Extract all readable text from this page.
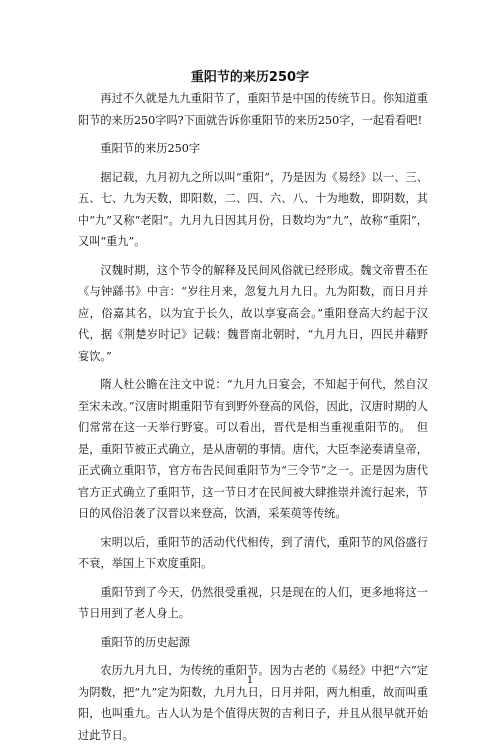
重阳节的来历250字

再过不久就是九九重阳节了，重阳节是中国的传统节日。你知道重阳节的来历250字吗?下面就告诉你重阳节的来历250字，一起看看吧!

重阳节的来历250字

据记载，九月初九之所以叫“重阳”，乃是因为《易经》以一、三、五、七、九为天数，即阳数，二、四、六、八、十为地数，即阴数，其中“九”又称“老阳”。九月九日因其月份，日数均为“九”，故称“重阳”，又叫“重九”。

汉魏时期，这个节令的解释及民间风俗就已经形成。魏文帝曹丕在《与钟繇书》中言：“岁往月来，忽复九月九日。九为阳数，而日月并应，俗嘉其名，以为宜于长久，故以享宴高会。”重阳登高大约起于汉代，据《荆楚岁时记》记载：魏晋南北朝时，“九月九日，四民并藉野宴饮。”

隋人杜公瞻在注文中说：“九月九日宴会，不知起于何代，然自汉至宋未改。”汉唐时期重阳节有到野外登高的风俗，因此，汉唐时期的人们常常在这一天举行野宴。可以看出，晋代是相当重视重阳节的。　但是，重阳节被正式确立，是从唐朝的事情。唐代，大臣李泌奏请皇帝，正式确立重阳节，官方布告民间重阳节为“三令节”之一。正是因为唐代官方正式确立了重阳节，这一节日才在民间被大肆推崇并流行起来，节日的风俗沿袭了汉晋以来登高，饮酒，采茱萸等传统。

宋明以后，重阳节的活动代代相传，到了清代，重阳节的风俗盛行不衰，举国上下欢度重阳。

重阳节到了今天，仍然很受重视，只是现在的人们，更多地将这一节日用到了老人身上。

重阳节的历史起源

农历九月九日，为传统的重阳节。因为古老的《易经》中把“六”定为阴数，把“九”定为阳数，九月九日，日月并阳，两九相重，故而叫重阳，也叫重九。古人认为是个值得庆贺的吉利日子，并且从很早就开始过此节日。

1
